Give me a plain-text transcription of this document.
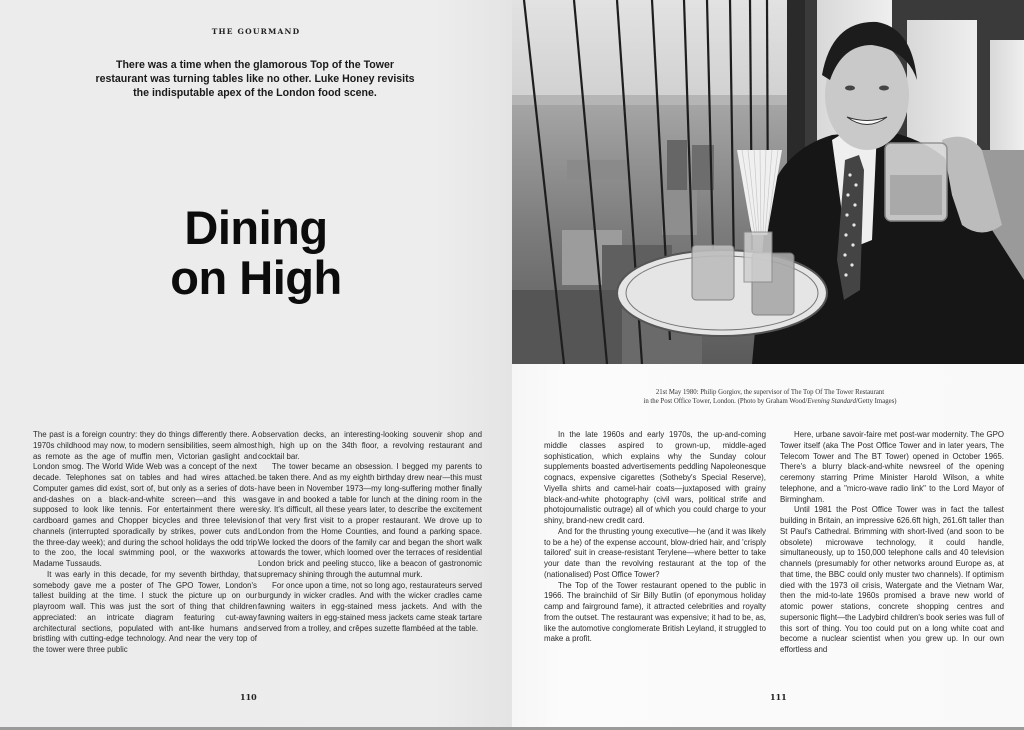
THE GOURMAND
There was a time when the glamorous Top of the Tower restaurant was turning tables like no other. Luke Honey revisits the indisputable apex of the London food scene.
Dining
on High

The past is a foreign country: they do things differently there. A 1970s childhood may now, to modern sensibilities, seem almost as remote as the age of muffin men, Victorian gaslight and London smog. The World Wide Web was a concept of the next decade. Telephones sat on tables and had wires attached. Computer games did exist, sort of, but only as a series of dots-and-dashes on a black-and-white screen—and this was supposed to look like tennis. For entertainment there were cardboard games and Chopper bicycles and three television channels (interrupted sporadically by strikes, power cuts and the three-day week); and during the school holidays the odd trip to the zoo, the local swimming pool, or the waxworks at Madame Tussauds.

It was early in this decade, for my seventh birthday, that somebody gave me a poster of The GPO Tower, London's tallest building at the time. I stuck the picture up on our playroom wall. This was just the sort of thing that children appreciated: an intricate diagram featuring cut-away architectural sections, populated with ant-like humans and bristling with cutting-edge technology. And near the very top of the tower were three public

observation decks, an interesting-looking souvenir shop and high, high up on the 34th floor, a revolving restaurant and cocktail bar.

The tower became an obsession. I begged my parents to be taken there. And as my eighth birthday drew near—this must have been in November 1973—my long-suffering mother finally gave in and booked a table for lunch at the dining room in the sky. It's difficult, all these years later, to describe the excitement of that very first visit to a proper restaurant. We drove up to London from the Home Counties, and found a parking space. We locked the doors of the family car and began the short walk towards the tower, which loomed over the terraces of residential London brick and peeling stucco, like a beacon of gastronomic supremacy shining through the autumnal murk.

For once upon a time, not so long ago, restaurateurs served burgundy in wicker cradles. And with the wicker cradles came fawning waiters in egg-stained mess jackets. And with the fawning waiters in egg-stained mess jackets came steak tartare served from a trolley, and crêpes suzette flambéed at the table.

110
21st May 1980: Philip Gorgiov, the supervisor of The Top Of The Tower Restaurant
in the Post Office Tower, London. (Photo by Graham Wood/Evening Standard/Getty Images)

In the late 1960s and early 1970s, the up-and-coming middle classes aspired to grown-up, middle-aged sophistication, which explains why the Sunday colour supplements boasted advertisements peddling Napoleonesque cognacs, expensive cigarettes (Sotheby's Special Reserve), Viyella shirts and camel-hair coats—juxtaposed with grainy black-and-white photography (civil wars, political strife and photojournalistic outrage) all of which you could charge to your shiny, brand-new credit card.

And for the thrusting young executive—he (and it was likely to be a he) of the expense account, blow-dried hair, and 'crisply tailored' suit in crease-resistant Terylene—where better to take your date than the revolving restaurant at the top of the (nationalised) Post Office Tower?

The Top of the Tower restaurant opened to the public in 1966. The brainchild of Sir Billy Butlin (of eponymous holiday camp and fairground fame), it attracted celebrities and royalty from the outset. The restaurant was expensive; it had to be, as, like the automotive conglomerate British Leyland, it struggled to make a profit.

Here, urbane savoir-faire met post-war modernity. The GPO Tower itself (aka The Post Office Tower and in later years, The Telecom Tower and The BT Tower) opened in October 1965. There's a blurry black-and-white newsreel of the opening ceremony starring Prime Minister Harold Wilson, a white telephone, and a "micro-wave radio link" to the Lord Mayor of Birmingham.

Until 1981 the Post Office Tower was in fact the tallest building in Britain, an impressive 626.6ft high, 261.6ft taller than St Paul's Cathedral. Brimming with short-lived (and soon to be obsolete) microwave technology, it could handle, simultaneously, up to 150,000 telephone calls and 40 television channels (presumably for other networks around Europe as, at that time, the BBC could only muster two channels). If optimism died with the 1973 oil crisis, Watergate and the Vietnam War, then the mid-to-late 1960s promised a brave new world of atomic power stations, concrete shopping centres and supersonic flight—the Ladybird children's book series was full of this sort of thing. You too could put on a long white coat and become a nuclear scientist when you grew up. In our own effortless and

111
